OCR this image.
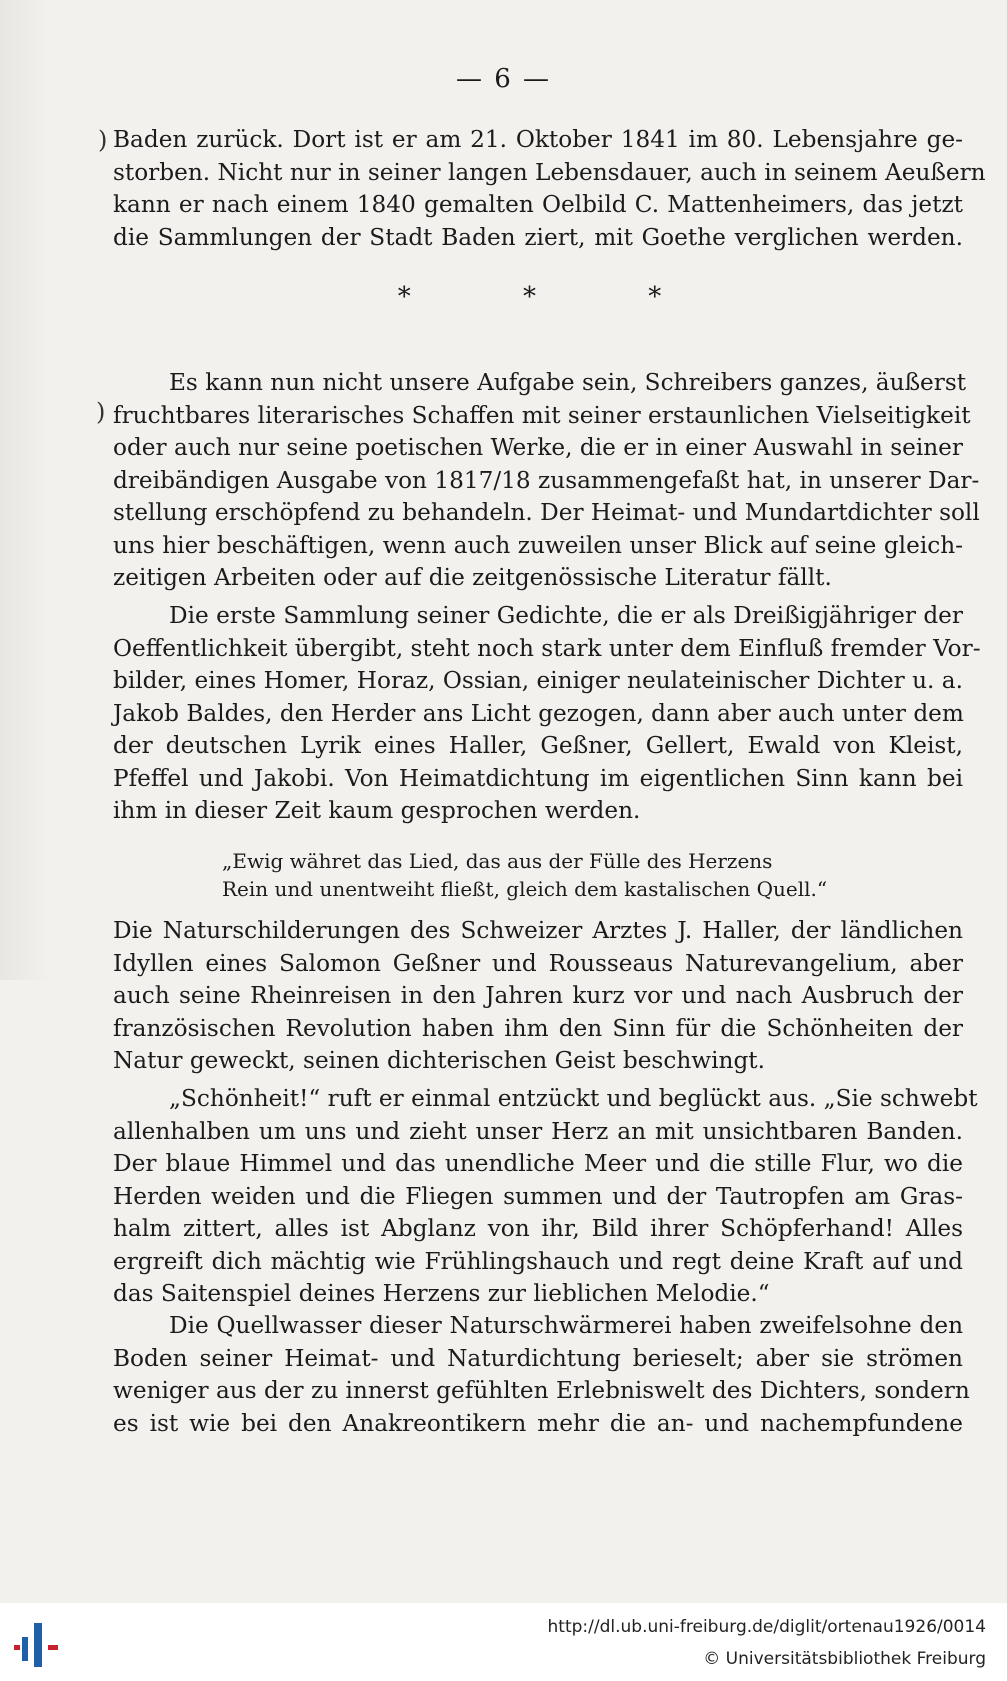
— 6 —
)
)
Baden zurück. Dort ist er am 21. Oktober 1841 im 80. Lebensjahre ge-
storben. Nicht nur in seiner langen Lebensdauer, auch in seinem Aeußern
kann er nach einem 1840 gemalten Oelbild C. Mattenheimers, das jetzt
die Sammlungen der Stadt Baden ziert, mit Goethe verglichen werden.
* * *
Es kann nun nicht unsere Aufgabe sein, Schreibers ganzes, äußerst
fruchtbares literarisches Schaffen mit seiner erstaunlichen Vielseitigkeit
oder auch nur seine poetischen Werke, die er in einer Auswahl in seiner
dreibändigen Ausgabe von 1817/18 zusammengefaßt hat, in unserer Dar-
stellung erschöpfend zu behandeln. Der Heimat- und Mundartdichter soll
uns hier beschäftigen, wenn auch zuweilen unser Blick auf seine gleich-
zeitigen Arbeiten oder auf die zeitgenössische Literatur fällt.
Die erste Sammlung seiner Gedichte, die er als Dreißigjähriger der
Oeffentlichkeit übergibt, steht noch stark unter dem Einfluß fremder Vor-
bilder, eines Homer, Horaz, Ossian, einiger neulateinischer Dichter u. a.
Jakob Baldes, den Herder ans Licht gezogen, dann aber auch unter dem
der deutschen Lyrik eines Haller, Geßner, Gellert, Ewald von Kleist,
Pfeffel und Jakobi. Von Heimatdichtung im eigentlichen Sinn kann bei
ihm in dieser Zeit kaum gesprochen werden.
„Ewig währet das Lied, das aus der Fülle des Herzens
Rein und unentweiht fließt, gleich dem kastalischen Quell.“
Die Naturschilderungen des Schweizer Arztes J. Haller, der ländlichen
Idyllen eines Salomon Geßner und Rousseaus Naturevangelium, aber
auch seine Rheinreisen in den Jahren kurz vor und nach Ausbruch der
französischen Revolution haben ihm den Sinn für die Schönheiten der
Natur geweckt, seinen dichterischen Geist beschwingt.
„Schönheit!“ ruft er einmal entzückt und beglückt aus. „Sie schwebt
allenhalben um uns und zieht unser Herz an mit unsichtbaren Banden.
Der blaue Himmel und das unendliche Meer und die stille Flur, wo die
Herden weiden und die Fliegen summen und der Tautropfen am Gras-
halm zittert, alles ist Abglanz von ihr, Bild ihrer Schöpferhand! Alles
ergreift dich mächtig wie Frühlingshauch und regt deine Kraft auf und
das Saitenspiel deines Herzens zur lieblichen Melodie.“
Die Quellwasser dieser Naturschwärmerei haben zweifelsohne den
Boden seiner Heimat- und Naturdichtung berieselt; aber sie strömen
weniger aus der zu innerst gefühlten Erlebniswelt des Dichters, sondern
es ist wie bei den Anakreontikern mehr die an- und nachempfundene
http://dl.ub.uni-freiburg.de/diglit/ortenau1926/0014
© Universitätsbibliothek Freiburg
